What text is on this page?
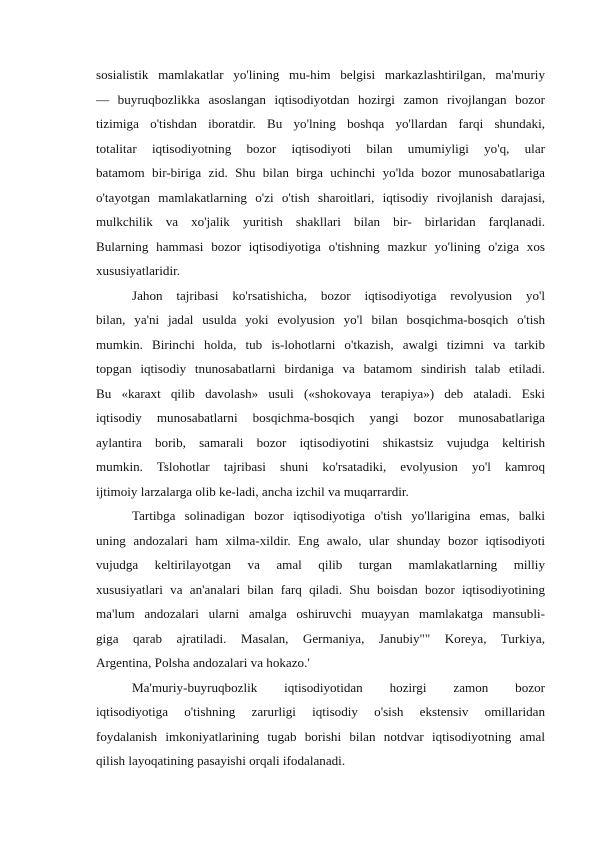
sosialistik mamlakatlar yo'lining mu-him belgisi markazlashtirilgan, ma'muriy
— buyruqbozlikka asoslangan iqtisodiyotdan hozirgi zamon rivojlangan bozor
tizimiga o'tishdan iboratdir. Bu yo'lning boshqa yo'llardan farqi shundaki,
totalitar iqtisodiyotning bozor iqtisodiyoti bilan umumiyligi yo'q, ular
batamom bir-biriga zid. Shu bilan birga uchinchi yo'lda bozor munosabatlariga
o'tayotgan mamlakatlarning o'zi o'tish sharoitlari, iqtisodiy rivojlanish darajasi,
mulkchilik va xo'jalik yuritish shakllari bilan bir- birlaridan farqlanadi.
Bularning hammasi bozor iqtisodiyotiga o'tishning mazkur yo'lining o'ziga xos
xususiyatlaridir.
Jahon tajribasi ko'rsatishicha, bozor iqtisodiyotiga revolyusion yo'l
bilan, ya'ni jadal usulda yoki evolyusion yo'l bilan bosqichma-bosqich o'tish
mumkin. Birinchi holda, tub is-lohotlarni o'tkazish, awalgi tizimni va tarkib
topgan iqtisodiy tnunosabatlarni birdaniga va batamom sindirish talab etiladi.
Bu «karaxt qilib davolash» usuli («shokovaya terapiya») deb ataladi. Eski
iqtisodiy munosabatlarni bosqichma-bosqich yangi bozor munosabatlariga
aylantira borib, samarali bozor iqtisodiyotini shikastsiz vujudga keltirish
mumkin. Tslohotlar tajribasi shuni ko'rsatadiki, evolyusion yo'l kamroq
ijtimoiy larzalarga olib ke-ladi, ancha izchil va muqarrardir.
Tartibga solinadigan bozor iqtisodiyotiga o'tish yo'llarigina emas, balki
uning andozalari ham xilma-xildir. Eng awalo, ular shunday bozor iqtisodiyoti
vujudga keltirilayotgan va amal qilib turgan mamlakatlarning milliy
xususiyatlari va an'analari bilan farq qiladi. Shu boisdan bozor iqtisodiyotining
ma'lum andozalari ularni amalga oshiruvchi muayyan mamlakatga mansubli-
giga qarab ajratiladi. Masalan, Germaniya, Janubiy"" Koreya, Turkiya,
Argentina, Polsha andozalari va hokazo.'
Ma'muriy-buyruqbozlik iqtisodiyotidan hozirgi zamon bozor
iqtisodiyotiga o'tishning zarurligi iqtisodiy o'sish ekstensiv omillaridan
foydalanish imkoniyatlarining tugab borishi bilan notdvar iqtisodiyotning amal
qilish layoqatining pasayishi orqali ifodalanadi.
